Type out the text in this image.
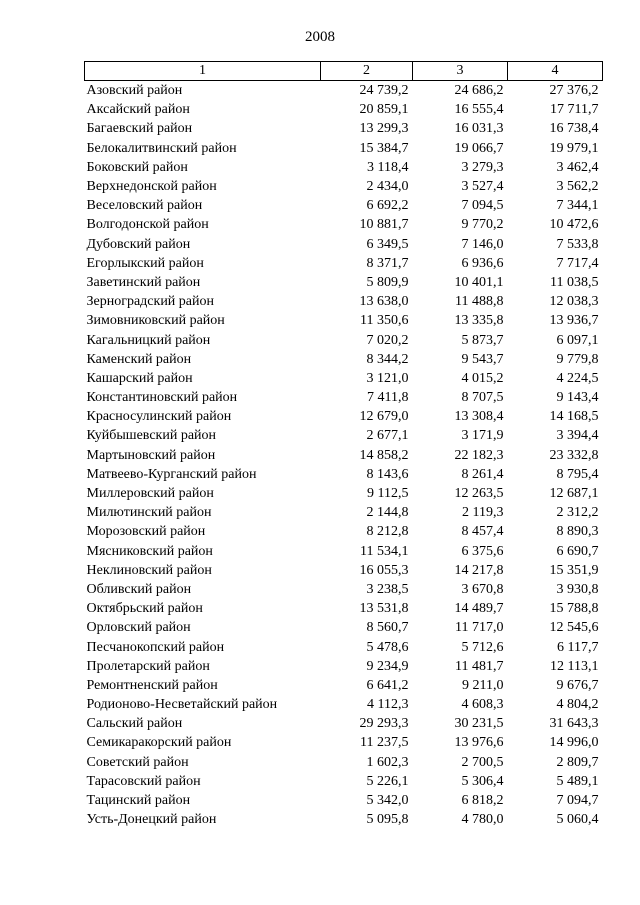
2008
1	2	3	4
Азовский район	24 739,2	24 686,2	27 376,2
Аксайский район	20 859,1	16 555,4	17 711,7
Багаевский район	13 299,3	16 031,3	16 738,4
Белокалитвинский район	15 384,7	19 066,7	19 979,1
Боковский район	3 118,4	3 279,3	3 462,4
Верхнедонской район	2 434,0	3 527,4	3 562,2
Веселовский район	6 692,2	7 094,5	7 344,1
Волгодонской район	10 881,7	9 770,2	10 472,6
Дубовский район	6 349,5	7 146,0	7 533,8
Егорлыкский район	8 371,7	6 936,6	7 717,4
Заветинский район	5 809,9	10 401,1	11 038,5
Зерноградский район	13 638,0	11 488,8	12 038,3
Зимовниковский район	11 350,6	13 335,8	13 936,7
Кагальницкий район	7 020,2	5 873,7	6 097,1
Каменский район	8 344,2	9 543,7	9 779,8
Кашарский район	3 121,0	4 015,2	4 224,5
Константиновский район	7 411,8	8 707,5	9 143,4
Красносулинский район	12 679,0	13 308,4	14 168,5
Куйбышевский район	2 677,1	3 171,9	3 394,4
Мартыновский район	14 858,2	22 182,3	23 332,8
Матвеево-Курганский район	8 143,6	8 261,4	8 795,4
Миллеровский район	9 112,5	12 263,5	12 687,1
Милютинский район	2 144,8	2 119,3	2 312,2
Морозовский район	8 212,8	8 457,4	8 890,3
Мясниковский район	11 534,1	6 375,6	6 690,7
Неклиновский район	16 055,3	14 217,8	15 351,9
Обливский район	3 238,5	3 670,8	3 930,8
Октябрьский район	13 531,8	14 489,7	15 788,8
Орловский район	8 560,7	11 717,0	12 545,6
Песчанокопский район	5 478,6	5 712,6	6 117,7
Пролетарский район	9 234,9	11 481,7	12 113,1
Ремонтненский район	6 641,2	9 211,0	9 676,7
Родионово-Несветайский район	4 112,3	4 608,3	4 804,2
Сальский район	29 293,3	30 231,5	31 643,3
Семикаракорский район	11 237,5	13 976,6	14 996,0
Советский район	1 602,3	2 700,5	2 809,7
Тарасовский район	5 226,1	5 306,4	5 489,1
Тацинский район	5 342,0	6 818,2	7 094,7
Усть-Донецкий район	5 095,8	4 780,0	5 060,4
